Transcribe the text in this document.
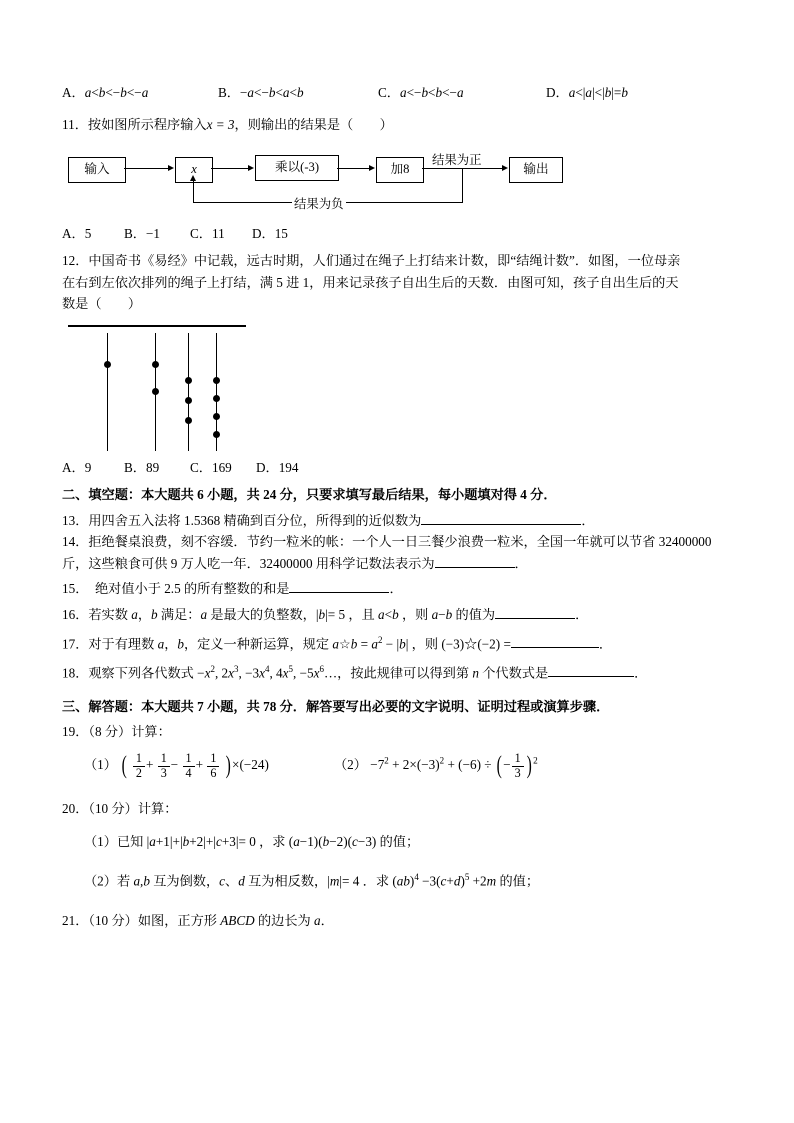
A．a<b<−b<−a	B．−a<−b<a<b	C．a<−b<b<−a	D．a<|a|<|b|=b
11．按如图所示程序输入x = 3，则输出的结果是（　　）
输入	x	乘以(-3)	加8
结果为正
输出
结果为负
A．5	B．−1	C．11	D．15
12．中国奇书《易经》中记载，远古时期，人们通过在绳子上打结来计数，即“结绳计数”．如图，一位母亲
在右到左依次排列的绳子上打结，满 5 进 1，用来记录孩子自出生后的天数．由图可知，孩子自出生后的天
数是（　　）
A．9	B．89	C．169	D．194
二、填空题：本大题共 6 小题，共 24 分，只要求填写最后结果，每小题填对得 4 分．
13．用四舍五入法将 1.5368 精确到百分位，所得到的近似数为	．
14．拒绝餐桌浪费，刻不容缓．节约一粒米的帐：一个人一日三餐少浪费一粒米，全国一年就可以节省 32400000
斤，这些粮食可供 9 万人吃一年．32400000 用科学记数法表示为	．
15．　绝对值小于 2.5 的所有整数的和是	．
16．若实数 a，b 满足：a 是最大的负整数，|b|= 5 ，且 a<b ，则 a−b 的值为	．
17．对于有理数 a，b，定义一种新运算，规定 a☆b = $a^2 - |b|$ ，则 (−3)☆(−2) =	．
18．观察下列各代数式 $-x^2$, $2x^3$, $-3x^4$, $4x^5$, $-5x^6\dots$，按此规律可以得到第 n 个代数式是	．
三、解答题：本大题共 7 小题，共 78 分．解答要写出必要的文字说明、证明过程或演算步骤．
19．（8 分）计算：
（1） ( $\frac{1}{2} + \frac{1}{3} - \frac{1}{4} + \frac{1}{6}$ ) ×(−24)	$(2) -7^2 + 2\times(-3)^2 + (-6)$ ÷ ( − $\frac{1}{3}$ ) $^2$
20．（10 分）计算：
（1）已知 |a+1|+|b+2|+|c+3|= 0 ，求 (a−1)(b−2)(c−3) 的值；
（2）若 a,b 互为倒数，c、d 互为相反数，|m|= 4 ．求 $(ab)^4 -3(c+d)^5 +2m$ 的值；
21．（10 分）如图，正方形 ABCD 的边长为 a．
